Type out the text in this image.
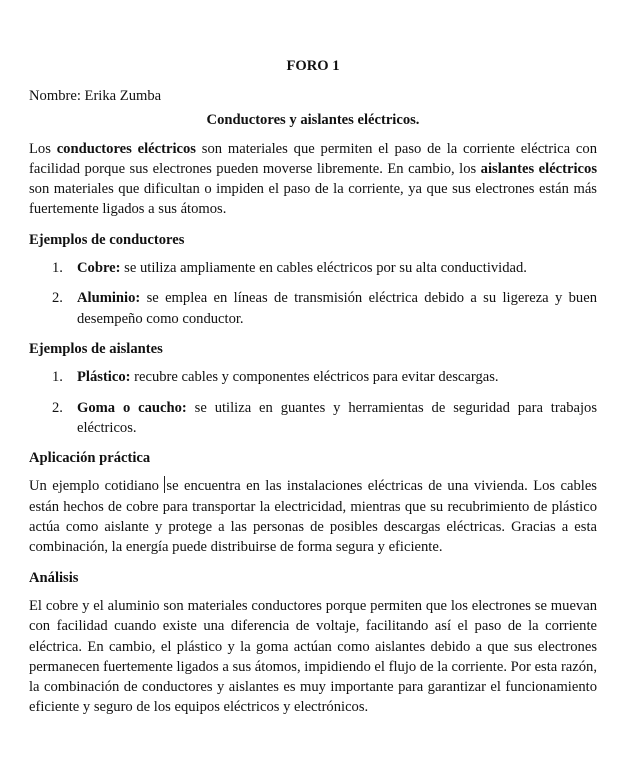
FORO 1
Nombre: Erika Zumba
Conductores y aislantes eléctricos.

Los conductores eléctricos son materiales que permiten el paso de la corriente eléctrica con facilidad porque sus electrones pueden moverse libremente. En cambio, los aislantes eléctricos son materiales que dificultan o impiden el paso de la corriente, ya que sus electrones están más fuertemente ligados a sus átomos.

Ejemplos de conductores
1. Cobre: se utiliza ampliamente en cables eléctricos por su alta conductividad.
2. Aluminio: se emplea en líneas de transmisión eléctrica debido a su ligereza y buen desempeño como conductor.
Ejemplos de aislantes
1. Plástico: recubre cables y componentes eléctricos para evitar descargas.
2. Goma o caucho: se utiliza en guantes y herramientas de seguridad para trabajos eléctricos.
Aplicación práctica

Un ejemplo cotidiano se encuentra en las instalaciones eléctricas de una vivienda. Los cables están hechos de cobre para transportar la electricidad, mientras que su recubrimiento de plástico actúa como aislante y protege a las personas de posibles descargas eléctricas. Gracias a esta combinación, la energía puede distribuirse de forma segura y eficiente.

Análisis

El cobre y el aluminio son materiales conductores porque permiten que los electrones se muevan con facilidad cuando existe una diferencia de voltaje, facilitando así el paso de la corriente eléctrica. En cambio, el plástico y la goma actúan como aislantes debido a que sus electrones permanecen fuertemente ligados a sus átomos, impidiendo el flujo de la corriente. Por esta razón, la combinación de conductores y aislantes es muy importante para garantizar el funcionamiento eficiente y seguro de los equipos eléctricos y electrónicos.
